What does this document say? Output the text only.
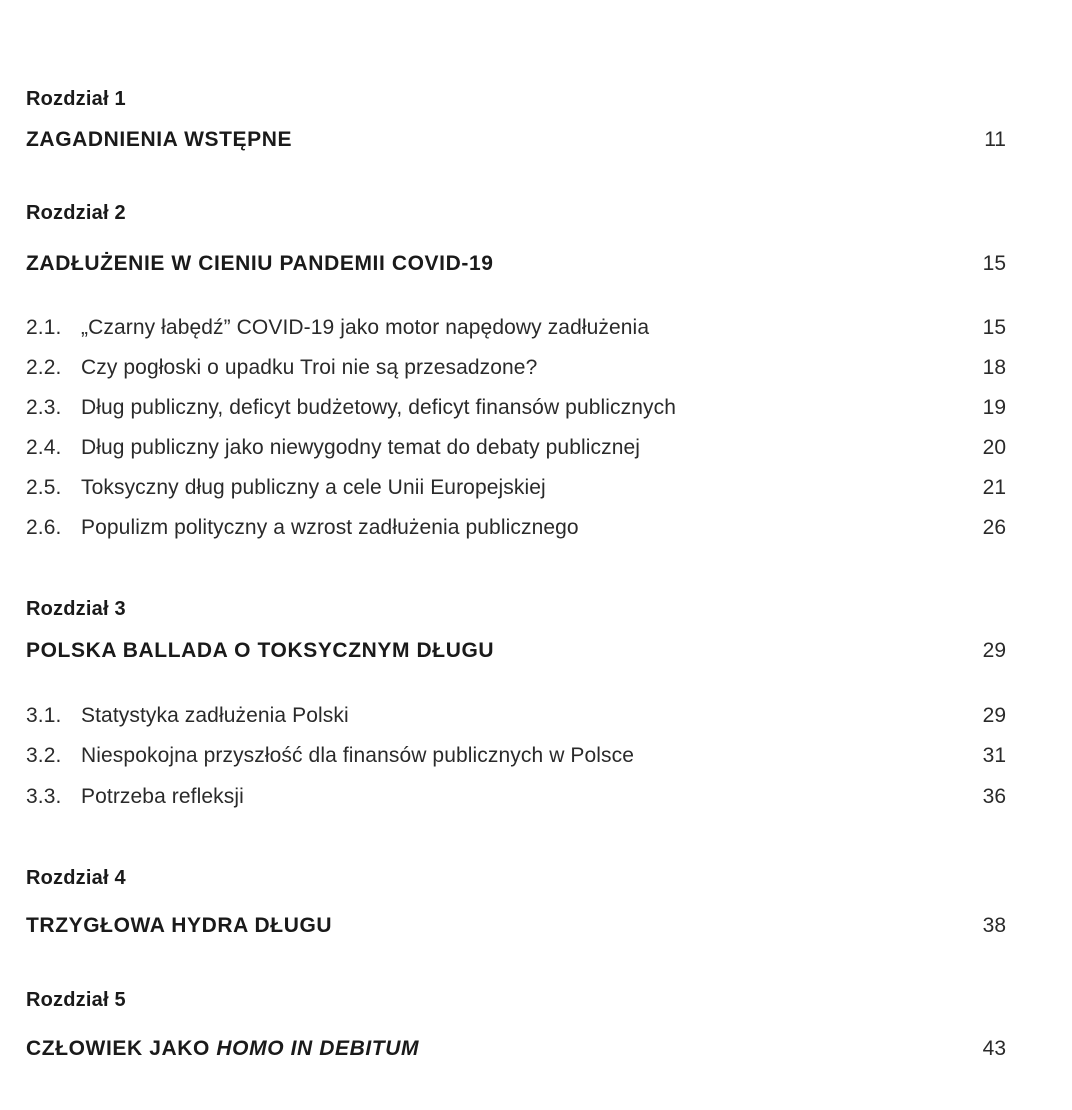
Rozdział 1
ZAGADNIENIA WSTĘPNE	11
Rozdział 2
ZADŁUŻENIE W CIENIU PANDEMII COVID-19	15
2.1. „Czarny łabędź” COVID-19 jako motor napędowy zadłużenia	15
2.2. Czy pogłoski o upadku Troi nie są przesadzone?	18
2.3. Dług publiczny, deficyt budżetowy, deficyt finansów publicznych	19
2.4. Dług publiczny jako niewygodny temat do debaty publicznej	20
2.5. Toksyczny dług publiczny a cele Unii Europejskiej	21
2.6. Populizm polityczny a wzrost zadłużenia publicznego	26
Rozdział 3
POLSKA BALLADA O TOKSYCZNYM DŁUGU	29
3.1. Statystyka zadłużenia Polski	29
3.2. Niespokojna przyszłość dla finansów publicznych w Polsce	31
3.3. Potrzeba refleksji	36
Rozdział 4
TRZYGŁOWA HYDRA DŁUGU	38
Rozdział 5
CZŁOWIEK JAKO HOMO IN DEBITUM	43
